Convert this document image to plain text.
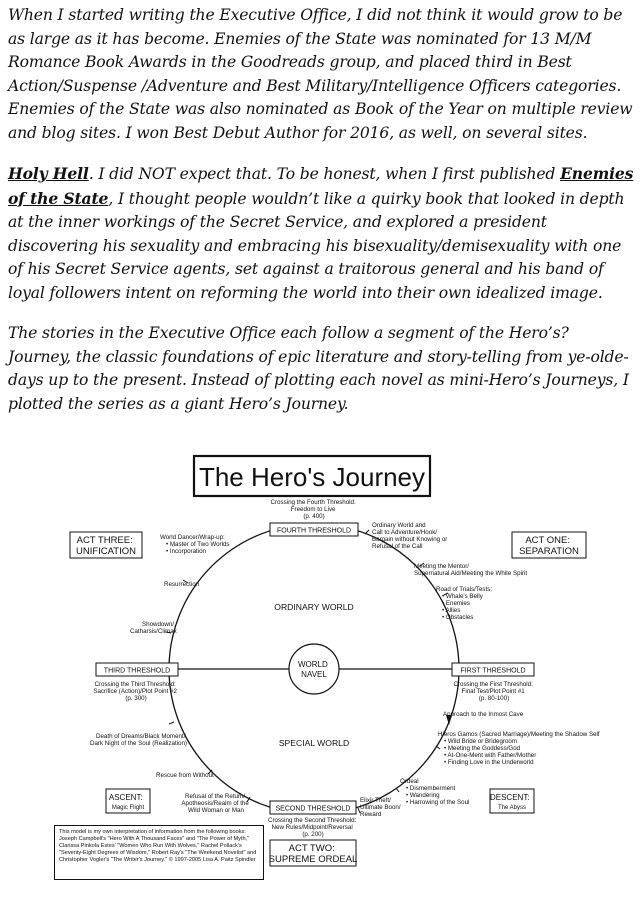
When I started writing the Executive Office, I did not think it would grow to be as large as it has become. Enemies of the State was nominated for 13 M/M Romance Book Awards in the Goodreads group, and placed third in Best Action/Suspense /Adventure and Best Military/Intelligence Officers categories. Enemies of the State was also nominated as Book of the Year on multiple review and blog sites. I won Best Debut Author for 2016, as well, on several sites.

Holy Hell. I did NOT expect that. To be honest, when I first published Enemies of the State, I thought people wouldn’t like a quirky book that looked in depth at the inner workings of the Secret Service, and explored a president discovering his sexuality and embracing his bisexuality/demisexuality with one of his Secret Service agents, set against a traitorous general and his band of loyal followers intent on reforming the world into their own idealized image.

The stories in the Executive Office each follow a segment of the Hero’s? Journey, the classic foundations of epic literature and story-telling from ye-olde-days up to the present. Instead of plotting each novel as mini-Hero’s Journeys, I plotted the series as a giant Hero’s Journey.

The Hero's Journey
Crossing the Fourth Threshold: Freedom to Live (p. 400)
WORLD NAVEL
ORDINARY WORLD
SPECIAL WORLD
FOURTH THRESHOLD
THIRD THRESHOLD	FIRST THRESHOLD
SECOND THRESHOLD
ACT THREE: UNIFICATION
ACT ONE: SEPARATION
ACT TWO: SUPREME ORDEAL
ASCENT: Magic Flight
DESCENT: The Abyss
Ordinary World and Call to Adventure/Hook/ Bargain without Knowing or Refusal of the Call
Meeting the Mentor/ Supernatural Aid/Meeting the White Spirit
Road of Trials/Tests: • Whale's Belly • Enemies • Allies • Obstacles
World Dancer/Wrap-up: • Master of Two Worlds • Incorporation
Resurrection
Showdown/ Catharsis/Climax
Crossing the Third Threshold: Sacrifice (Action)/Plot Point #2 (p. 300)
Crossing the First Threshold: Final Test/Plot Point #1 (p. 80-100)
Approach to the Inmost Cave
Death of Dreams/Black Moment/ Dark Night of the Soul (Realization)
Rescue from Without
Refusal of the Return/ Apotheosis/Realm of the Wild Woman or Man
Hieros Gamos (Sacred Marriage)/Meeting the Shadow Self • Wild Bride or Bridegroom • Meeting the Goddess/God • At-One-Ment with Father/Mother • Finding Love in the Underworld
Ordeal • Dismemberment • Wandering • Harrowing of the Soul
Elixir Theft/ Ultimate Boon/ Reward
Crossing the Second Threshold: New Rules/Midpoint/Reversal (p. 200)
This model is my own interpretation of information from the following books: Joseph Campbell's "Hero With A Thousand Faces" and "The Power of Myth," Clarissa Pinkola Estes' "Women Who Run With Wolves," Rachel Pollack's "Seventy-Eight Degrees of Wisdom," Robert Ray's "The Weekend Novelist" and Christopher Vogler's "The Writer's Journey." © 1997-2005 Lisa A. Paitz Spindler
